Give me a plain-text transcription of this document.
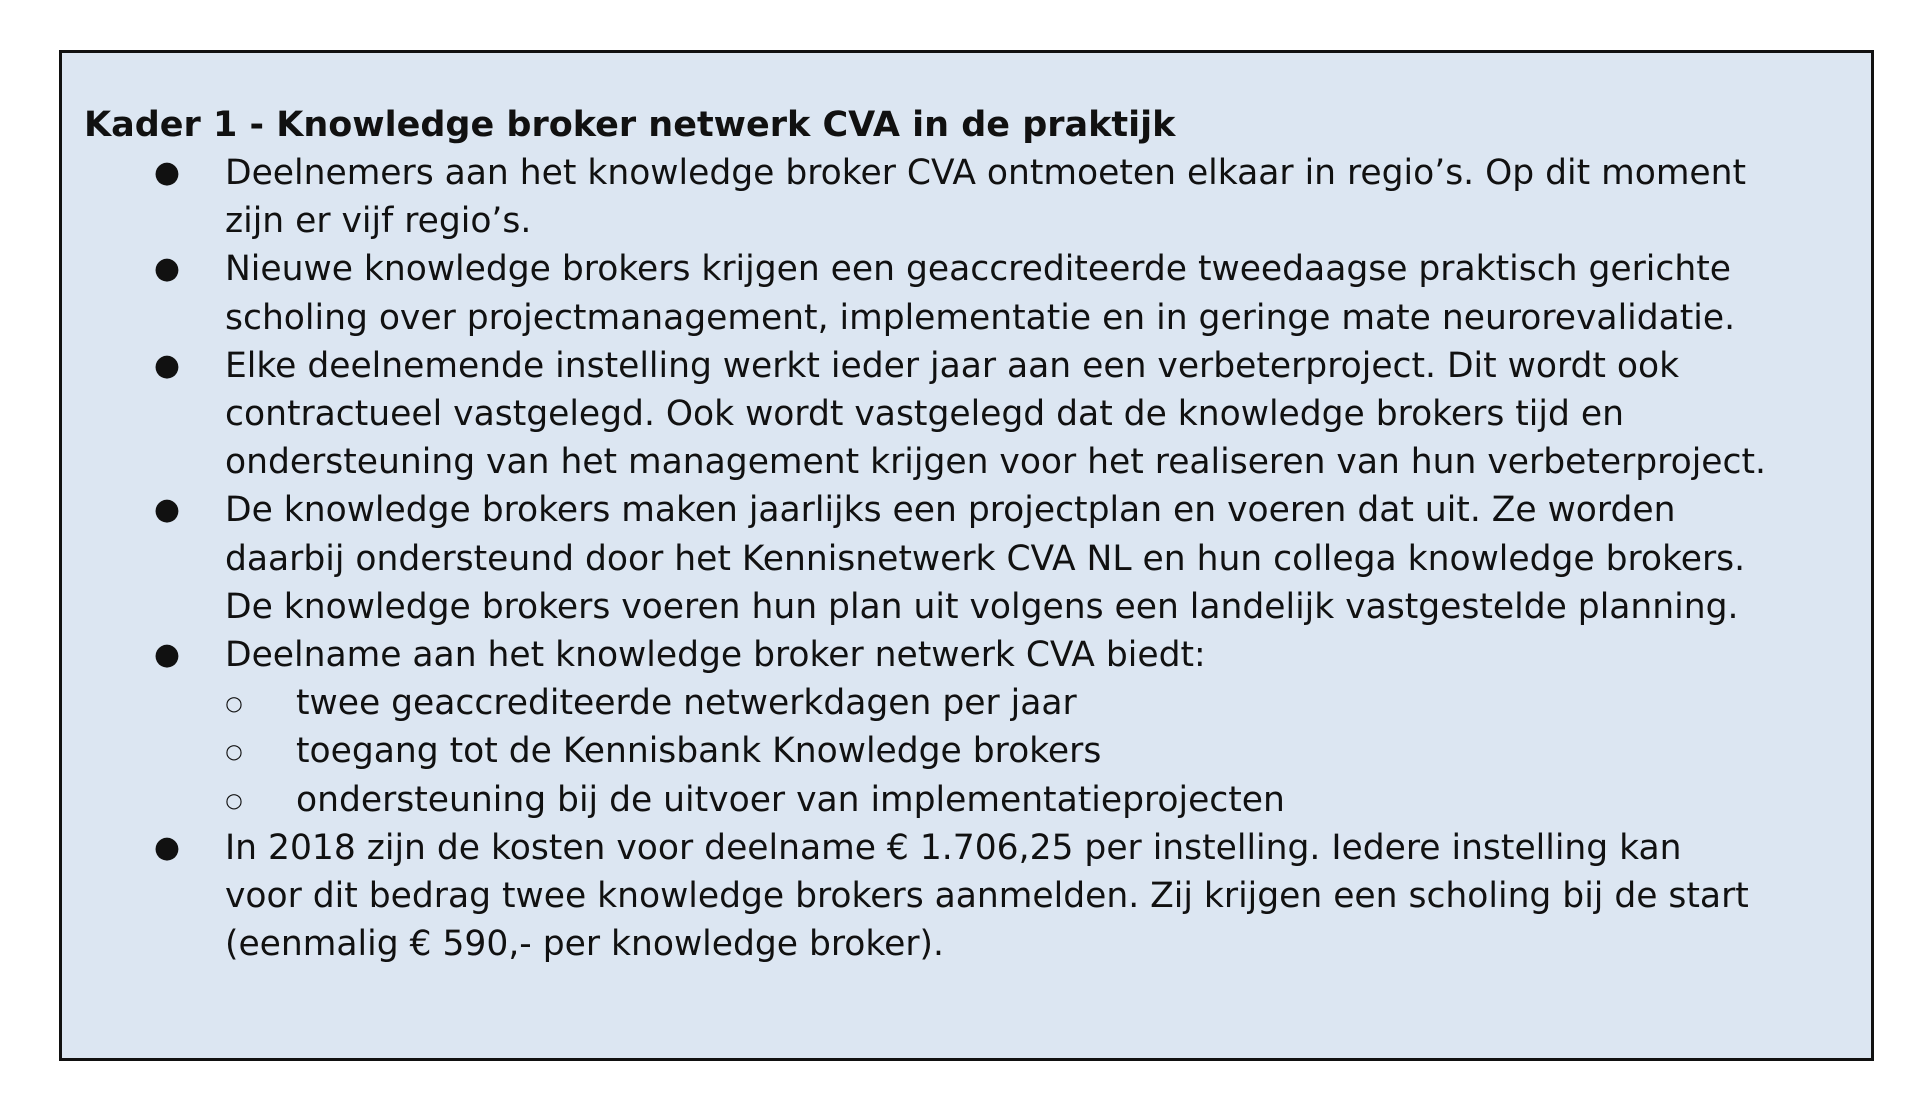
Kader 1 - Knowledge broker netwerk CVA in de praktijk

● Deelnemers aan het knowledge broker CVA ontmoeten elkaar in regio’s. Op dit moment
zijn er vijf regio’s.
● Nieuwe knowledge brokers krijgen een geaccrediteerde tweedaagse praktisch gerichte
scholing over projectmanagement, implementatie en in geringe mate neurorevalidatie.
● Elke deelnemende instelling werkt ieder jaar aan een verbeterproject. Dit wordt ook
contractueel vastgelegd. Ook wordt vastgelegd dat de knowledge brokers tijd en
ondersteuning van het management krijgen voor het realiseren van hun verbeterproject.
● De knowledge brokers maken jaarlijks een projectplan en voeren dat uit. Ze worden
daarbij ondersteund door het Kennisnetwerk CVA NL en hun collega knowledge brokers.
De knowledge brokers voeren hun plan uit volgens een landelijk vastgestelde planning.
● Deelname aan het knowledge broker netwerk CVA biedt:
○ twee geaccrediteerde netwerkdagen per jaar
○ toegang tot de Kennisbank Knowledge brokers
○ ondersteuning bij de uitvoer van implementatieprojecten
● In 2018 zijn de kosten voor deelname € 1.706,25 per instelling. Iedere instelling kan
voor dit bedrag twee knowledge brokers aanmelden. Zij krijgen een scholing bij de start
(eenmalig € 590,- per knowledge broker).
